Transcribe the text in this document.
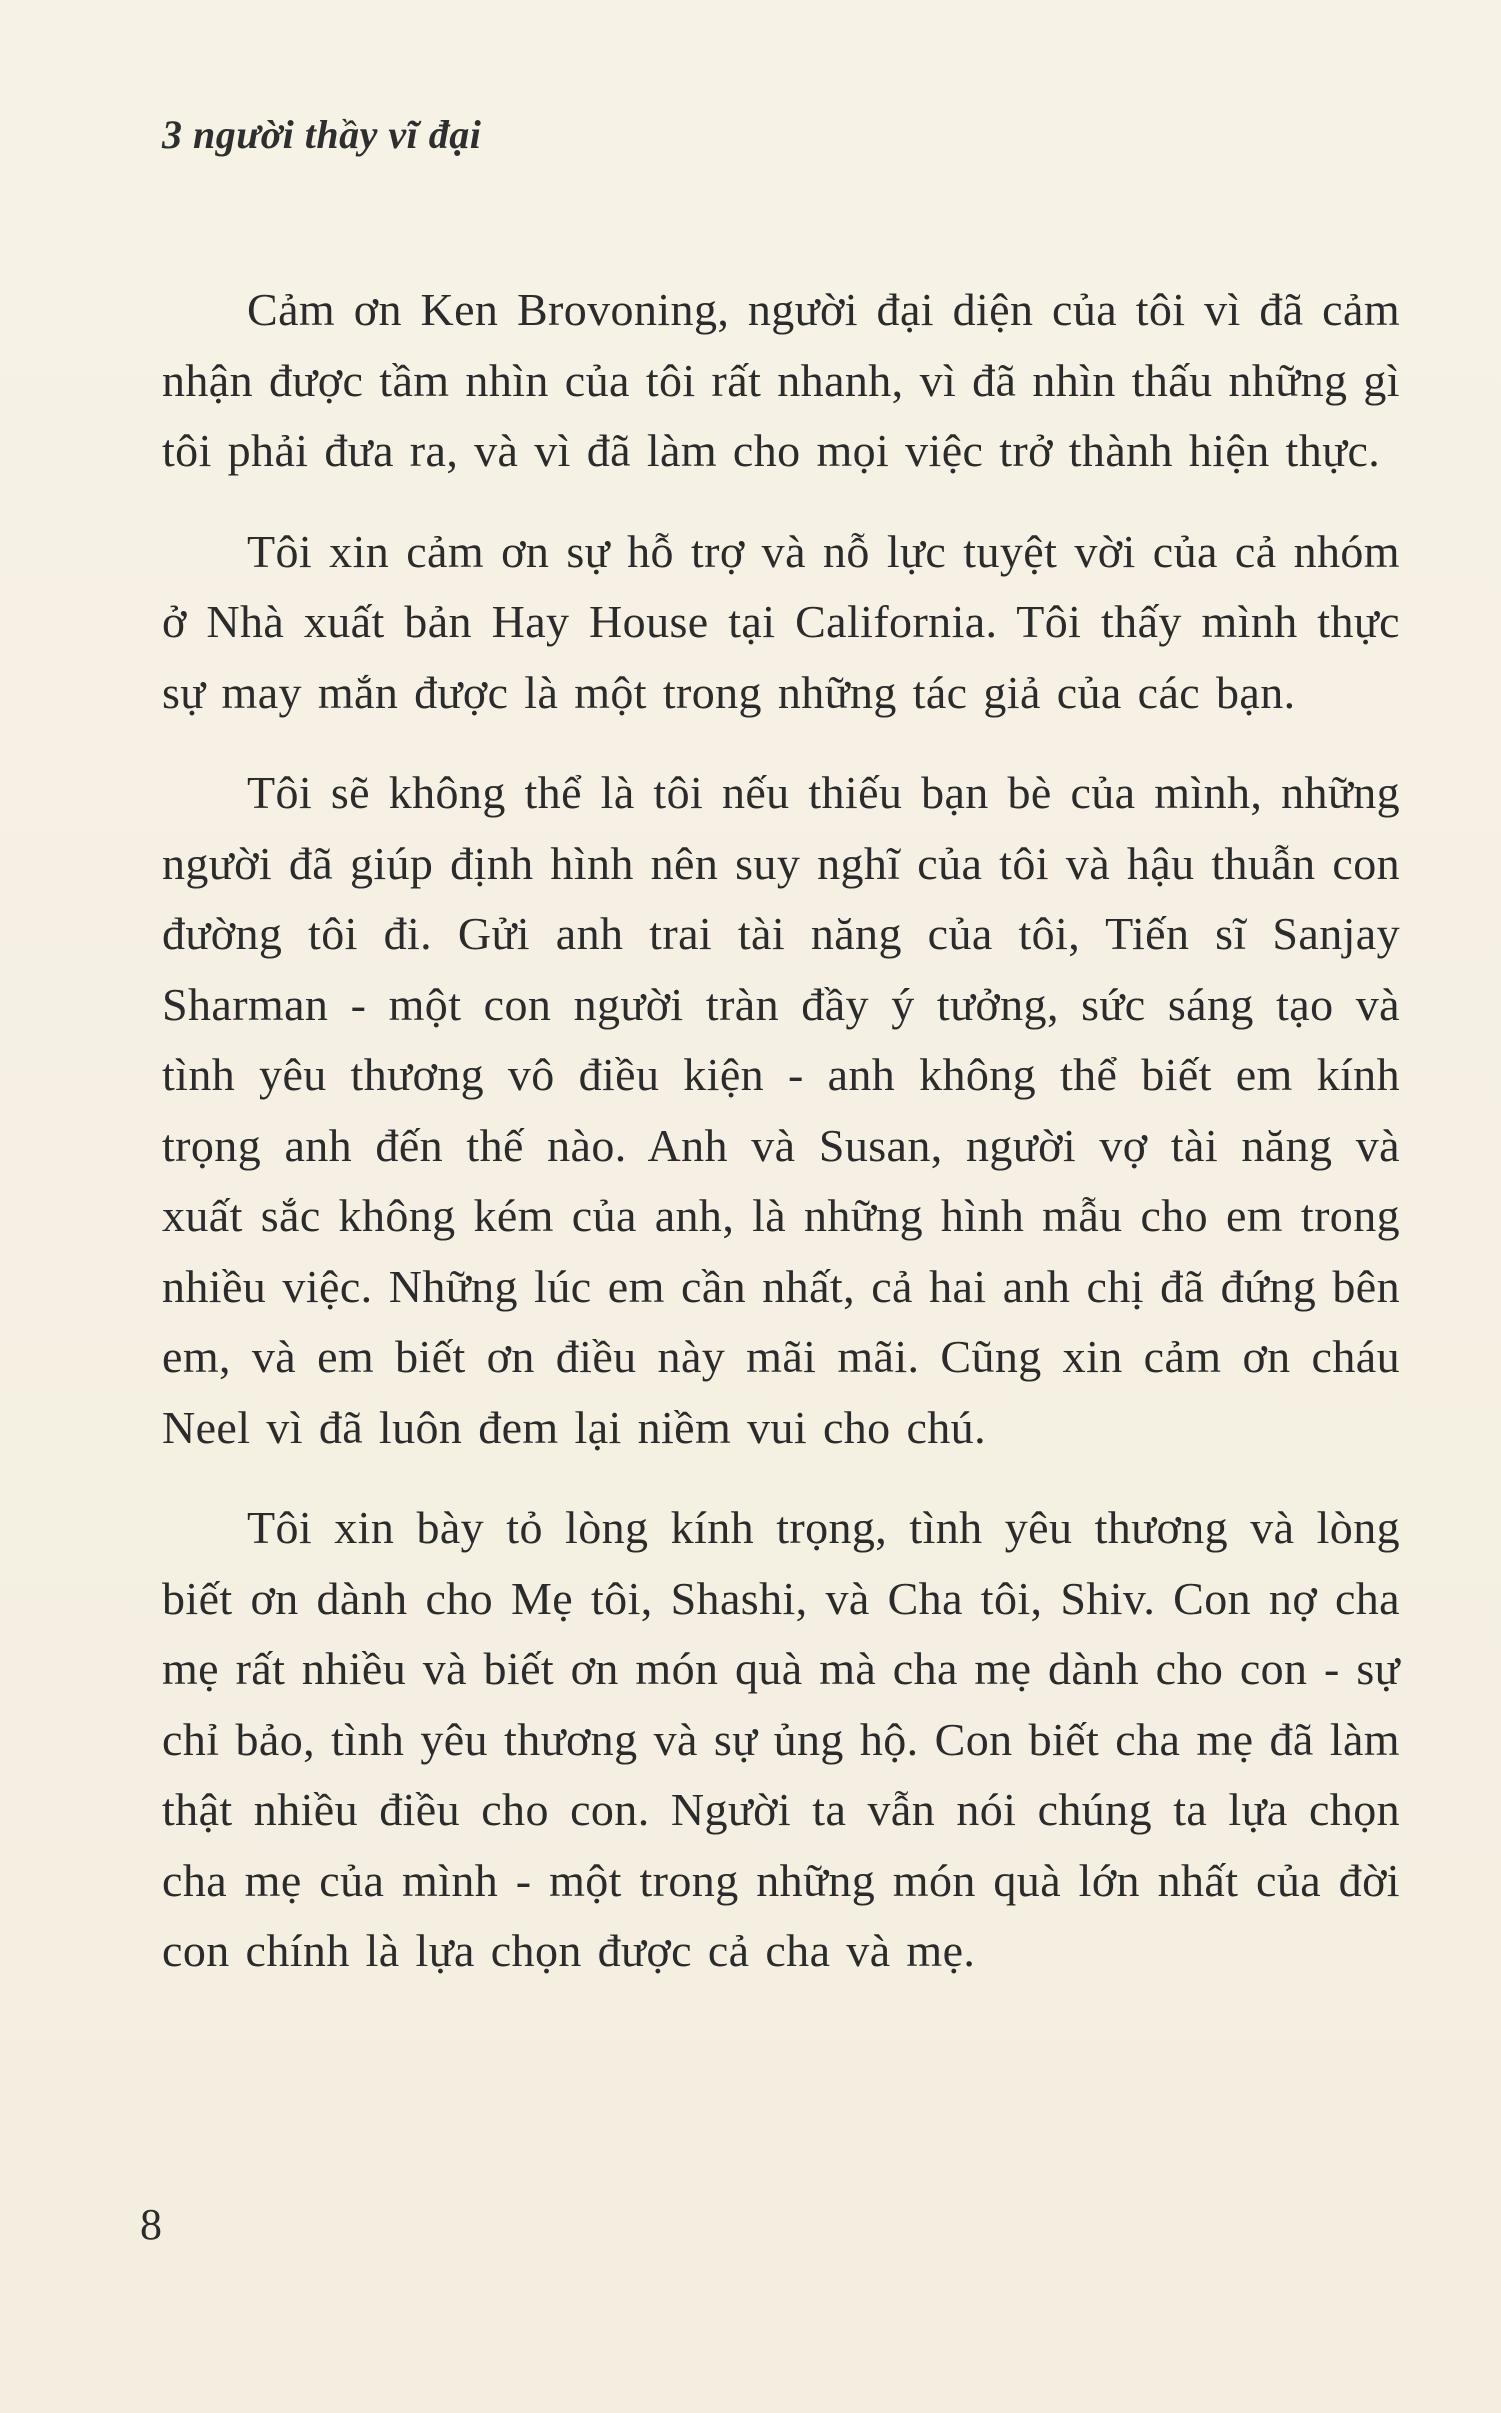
3 người thầy vĩ đại

Cảm ơn Ken Brovoning, người đại diện của tôi vì đã cảm nhận được tầm nhìn của tôi rất nhanh, vì đã nhìn thấu những gì tôi phải đưa ra, và vì đã làm cho mọi việc trở thành hiện thực.

Tôi xin cảm ơn sự hỗ trợ và nỗ lực tuyệt vời của cả nhóm ở Nhà xuất bản Hay House tại California. Tôi thấy mình thực sự may mắn được là một trong những tác giả của các bạn.

Tôi sẽ không thể là tôi nếu thiếu bạn bè của mình, những người đã giúp định hình nên suy nghĩ của tôi và hậu thuẫn con đường tôi đi. Gửi anh trai tài năng của tôi, Tiến sĩ Sanjay Sharman - một con người tràn đầy ý tưởng, sức sáng tạo và tình yêu thương vô điều kiện - anh không thể biết em kính trọng anh đến thế nào. Anh và Susan, người vợ tài năng và xuất sắc không kém của anh, là những hình mẫu cho em trong nhiều việc. Những lúc em cần nhất, cả hai anh chị đã đứng bên em, và em biết ơn điều này mãi mãi. Cũng xin cảm ơn cháu Neel vì đã luôn đem lại niềm vui cho chú.

Tôi xin bày tỏ lòng kính trọng, tình yêu thương và lòng biết ơn dành cho Mẹ tôi, Shashi, và Cha tôi, Shiv. Con nợ cha mẹ rất nhiều và biết ơn món quà mà cha mẹ dành cho con - sự chỉ bảo, tình yêu thương và sự ủng hộ. Con biết cha mẹ đã làm thật nhiều điều cho con. Người ta vẫn nói chúng ta lựa chọn cha mẹ của mình - một trong những món quà lớn nhất của đời con chính là lựa chọn được cả cha và mẹ.

8
